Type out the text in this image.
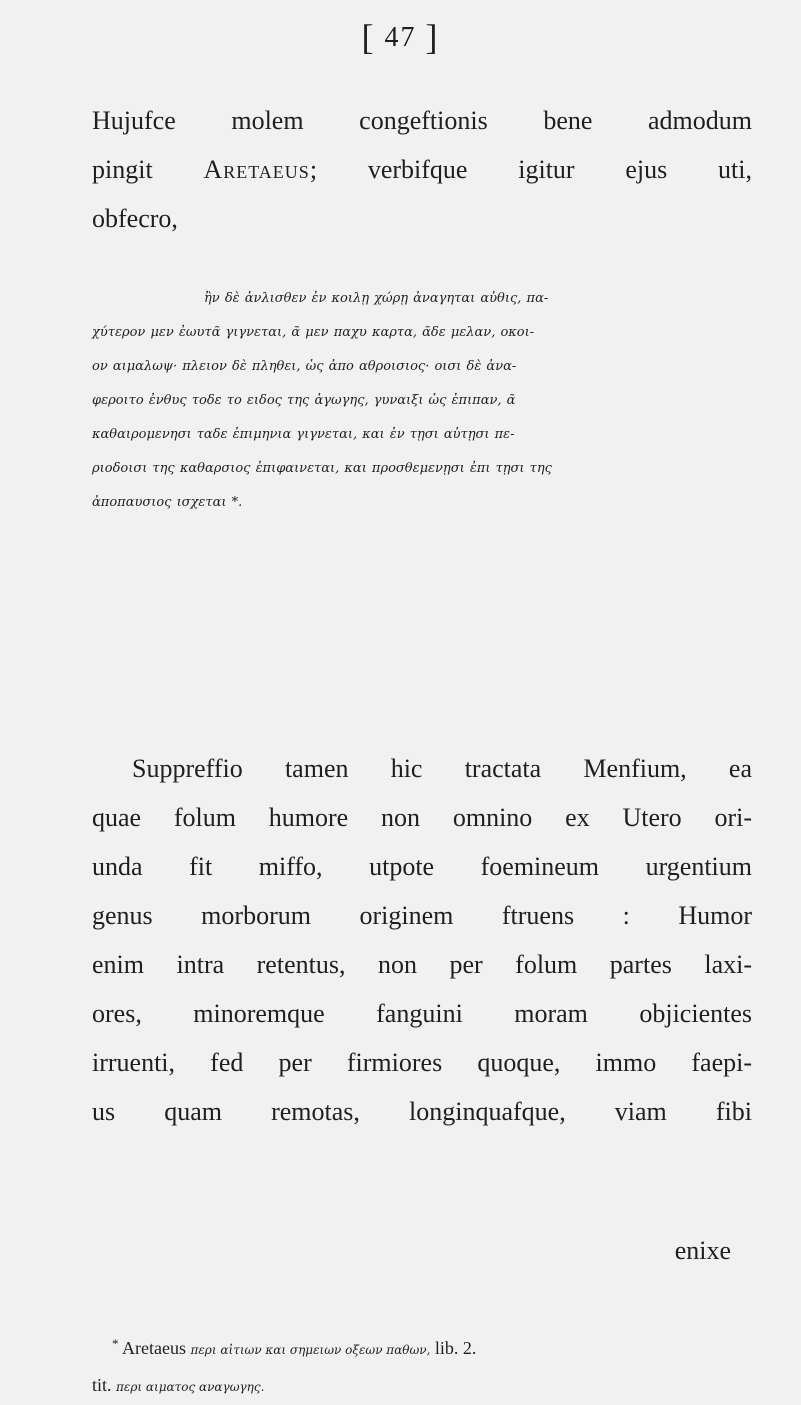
[ 47 ]
Hujufce molem congeftionis bene admodum
pingit Aretaeus; verbifque igitur ejus uti,
obfecro,
ἢν δὲ ἀνλισθεν ἐν κοιλῃ χώρῃ ἀναγηται αὐθις, πα-
χύτερον μεν ἐωυτᾶ γιγνεται, ᾶ μεν παχυ καρτα, ᾶδε μελαν, οκοι-
ον αιμαλωψ· πλειον δὲ πληθει, ὡς ἀπο αθροισιος· οισι δὲ ἀνα-
φερoιτο ἐνθυς τοδε το ειδος της ἀγωγης, γυναιξι ὡς ἐπιπαν, ᾶ
καθαιρομενησι ταδε ἐπιμηνια γιγνεται, και ἐν τῃσι αὐτῃσι πε-
ριοδοισι της καθαρσιος ἐπιφαινεται, και προσθεμενῃσι ἐπι τῃσι της
ἀποπαυσιος ισχεται *.
Suppreffio tamen hic tractata Menfium, ea
quae folum humore non omnino ex Utero ori-
unda fit miffo, utpote foemineum urgentium
genus morborum originem ftruens : Humor
enim intra retentus, non per folum partes laxi-
ores, minoremque fanguini moram objicientes
irruenti, fed per firmiores quoque, immo faepi-
us quam remotas, longinquafque, viam fibi
enixe
* Aretaeus περι αἰτιων και σημειων οξεων παθων, lib. 2.
tit. περι αιματος αναγωγης.
